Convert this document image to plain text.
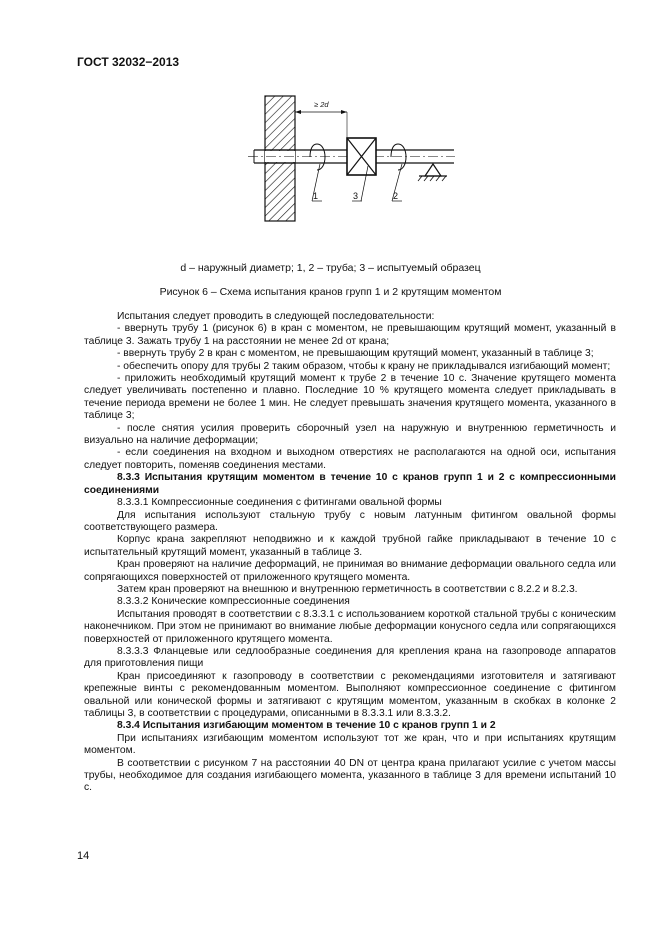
ГОСТ 32032−2013
≥ 2d
1	3	2
d – наружный диаметр; 1, 2 – труба; 3 – испытуемый образец
Рисунок 6 – Схема испытания кранов групп 1 и 2 крутящим моментом

Испытания следует проводить в следующей последовательности:

- ввернуть трубу 1 (рисунок 6) в кран с моментом, не превышающим крутящий момент, указанный в таблице 3. Зажать трубу 1 на расстоянии не менее 2d от крана;

- ввернуть трубу 2 в кран с моментом, не превышающим крутящий момент, указанный в таблице 3;

- обеспечить опору для трубы 2 таким образом, чтобы к крану не прикладывался изгибающий момент;

- приложить необходимый крутящий момент к трубе 2 в течение 10 с. Значение крутящего момента следует увеличивать постепенно и плавно. Последние 10 % крутящего момента следует прикладывать в течение периода времени не более 1 мин. Не следует превышать значения крутящего момента, указанного в таблице 3;

- после снятия усилия проверить сборочный узел на наружную и внутреннюю герметичность и визуально на наличие деформации;

- если соединения на входном и выходном отверстиях не располагаются на одной оси, испытания следует повторить, поменяв соединения местами.

8.3.3 Испытания крутящим моментом в течение 10 с кранов групп 1 и 2 с компрессионными соединениями

8.3.3.1 Компрессионные соединения с фитингами овальной формы

Для испытания используют стальную трубу с новым латунным фитингом овальной формы соответствующего размера.

Корпус крана закрепляют неподвижно и к каждой трубной гайке прикладывают в течение 10 с испытательный крутящий момент, указанный в таблице 3.

Кран проверяют на наличие деформаций, не принимая во внимание деформации овального седла или сопрягающихся поверхностей от приложенного крутящего момента.

Затем кран проверяют на внешнюю и внутреннюю герметичность в соответствии с 8.2.2 и 8.2.3.

8.3.3.2 Конические компрессионные соединения

Испытания проводят в соответствии с 8.3.3.1 с использованием короткой стальной трубы с коническим наконечником. При этом не принимают во внимание любые деформации конусного седла или сопрягающихся поверхностей от приложенного крутящего момента.

8.3.3.3 Фланцевые или седлообразные соединения для крепления крана на газопроводе аппаратов для приготовления пищи

Кран присоединяют к газопроводу в соответствии с рекомендациями изготовителя и затягивают крепежные винты с рекомендованным моментом. Выполняют компрессионное соединение с фитингом овальной или конической формы и затягивают с крутящим моментом, указанным в скобках в колонке 2 таблицы 3, в соответствии с процедурами, описанными в 8.3.3.1 или 8.3.3.2.

8.3.4 Испытания изгибающим моментом в течение 10 с кранов групп 1 и 2

При испытаниях изгибающим моментом используют тот же кран, что и при испытаниях крутящим моментом.

В соответствии с рисунком 7 на расстоянии 40 DN от центра крана прилагают усилие с учетом массы трубы, необходимое для создания изгибающего момента, указанного в таблице 3 для времени испытаний 10 с.

14
